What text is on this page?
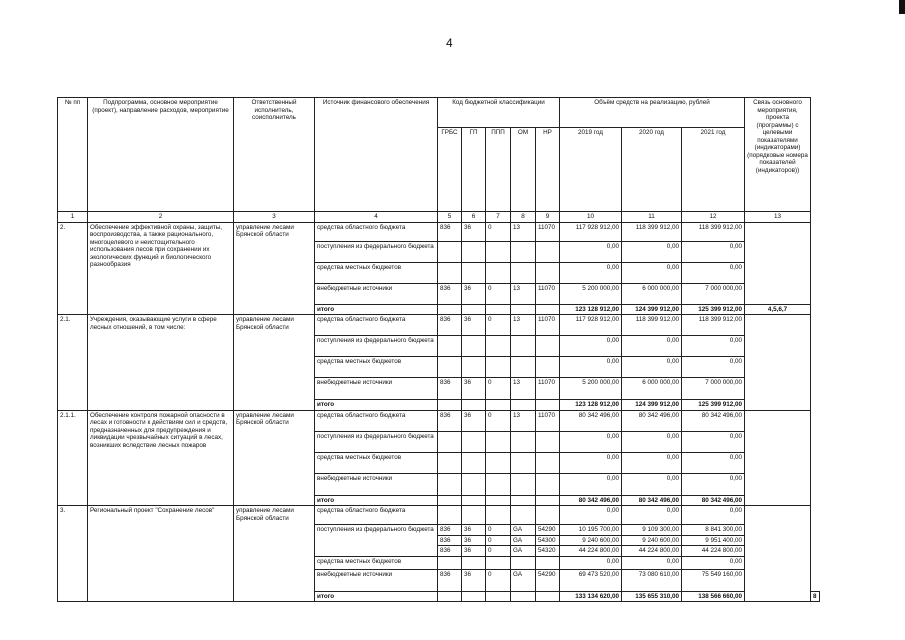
4
№ пп	Подпрограмма, основное мероприятие (проект), направление расходов, мероприятие	Ответственный исполнитель, соисполнитель	Источник финансового обеспечения	Код бюджетной классификации					Объём средств на реализацию, рублей			Связь основного мероприятия, проекта (программы) с целевыми показателями (индикаторами) (порядковые номера показателей (индикаторов))	
				ГРБС	ГП	ППП	ОМ	НР	2019 год	2020 год	2021 год		
1	2	3	4	5	6	7	8	9	10	11	12	13	
2.	Обеспечение эффективной охраны, защиты, воспроизводства, а также рационального, многоцелевого и неистощительного использования лесов при сохранении их экологических функций и биологического разнообразия	управление лесами Брянской области	средства областного бюджета	836	36	0	13	11070	117 928 912,00	118 399 912,00	118 399 912,00		
			поступления из федерального бюджета						0,00	0,00	0,00		
			средства местных бюджетов						0,00	0,00	0,00		
			внебюджетные источники	836	36	0	13	11070	5 200 000,00	6 000 000,00	7 000 000,00		
			итого						123 128 912,00	124 399 912,00	125 399 912,00	4,5,6,7	
2.1.	Учреждения, оказывающие услуги в сфере лесных отношений, в том числе:	управление лесами Брянской области	средства областного бюджета	836	36	0	13	11070	117 928 912,00	118 399 912,00	118 399 912,00		
			поступления из федерального бюджета						0,00	0,00	0,00		
			средства местных бюджетов						0,00	0,00	0,00		
			внебюджетные источники	836	36	0	13	11070	5 200 000,00	6 000 000,00	7 000 000,00		
			итого						123 128 912,00	124 399 912,00	125 399 912,00		
2.1.1.	Обеспечение контроля пожарной опасности в лесах и готовности к действиям сил и средств, предназначенных для предупреждения и ликвидации чрезвычайных ситуаций в лесах, возникших вследствие лесных пожаров	управление лесами Брянской области	средства областного бюджета	836	36	0	13	11070	80 342 496,00	80 342 496,00	80 342 496,00		
			поступления из федерального бюджета						0,00	0,00	0,00		
			средства местных бюджетов						0,00	0,00	0,00		
			внебюджетные источники						0,00	0,00	0,00		
			итого						80 342 496,00	80 342 496,00	80 342 496,00		
3.	Региональный проект "Сохранение лесов"	управление лесами Брянской области	средства областного бюджета						0,00	0,00	0,00		
			поступления из федерального бюджета	836	36	0	GA	54290	10 195 700,00	9 109 300,00	8 841 300,00		
				836	36	0	GA	54300	9 240 600,00	9 240 600,00	9 951 400,00		
				836	36	0	GA	54320	44 224 800,00	44 224 800,00	44 224 800,00		
			средства местных бюджетов						0,00	0,00	0,00		
			внебюджетные источники	836	36	0	GA	54290	69 473 520,00	73 080 610,00	75 549 160,00		
			итого						133 134 620,00	135 655 310,00	138 566 660,00		8
